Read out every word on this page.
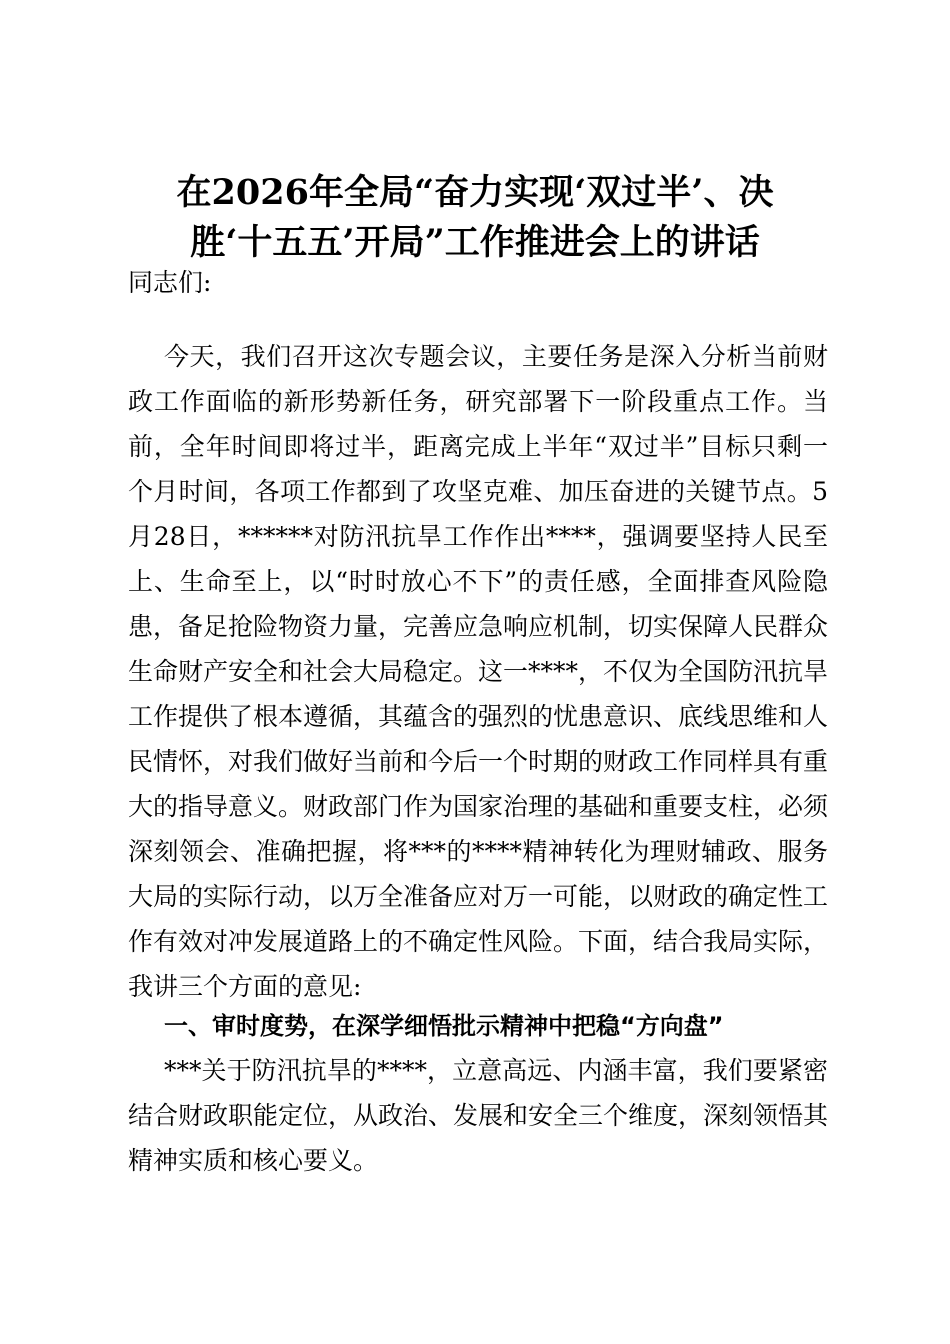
在2026年全局“奋力实现‘双过半’、决
胜‘十五五’开局”工作推进会上的讲话

同志们:

今天，我们召开这次专题会议，主要任务是深入分析当前财政工作面临的新形势新任务，研究部署下一阶段重点工作。当前，全年时间即将过半，距离完成上半年“双过半”目标只剩一个月时间，各项工作都到了攻坚克难、加压奋进的关键节点。5月28日，******对防汛抗旱工作作出****，强调要坚持人民至上、生命至上，以“时时放心不下”的责任感，全面排查风险隐患，备足抢险物资力量，完善应急响应机制，切实保障人民群众生命财产安全和社会大局稳定。这一****，不仅为全国防汛抗旱工作提供了根本遵循，其蕴含的强烈的忧患意识、底线思维和人民情怀，对我们做好当前和今后一个时期的财政工作同样具有重大的指导意义。财政部门作为国家治理的基础和重要支柱，必须深刻领会、准确把握，将***的****精神转化为理财辅政、服务大局的实际行动，以万全准备应对万一可能，以财政的确定性工作有效对冲发展道路上的不确定性风险。下面，结合我局实际，我讲三个方面的意见:

一、审时度势，在深学细悟批示精神中把稳“方向盘”

***关于防汛抗旱的****，立意高远、内涵丰富，我们要紧密结合财政职能定位，从政治、发展和安全三个维度，深刻领悟其精神实质和核心要义。
